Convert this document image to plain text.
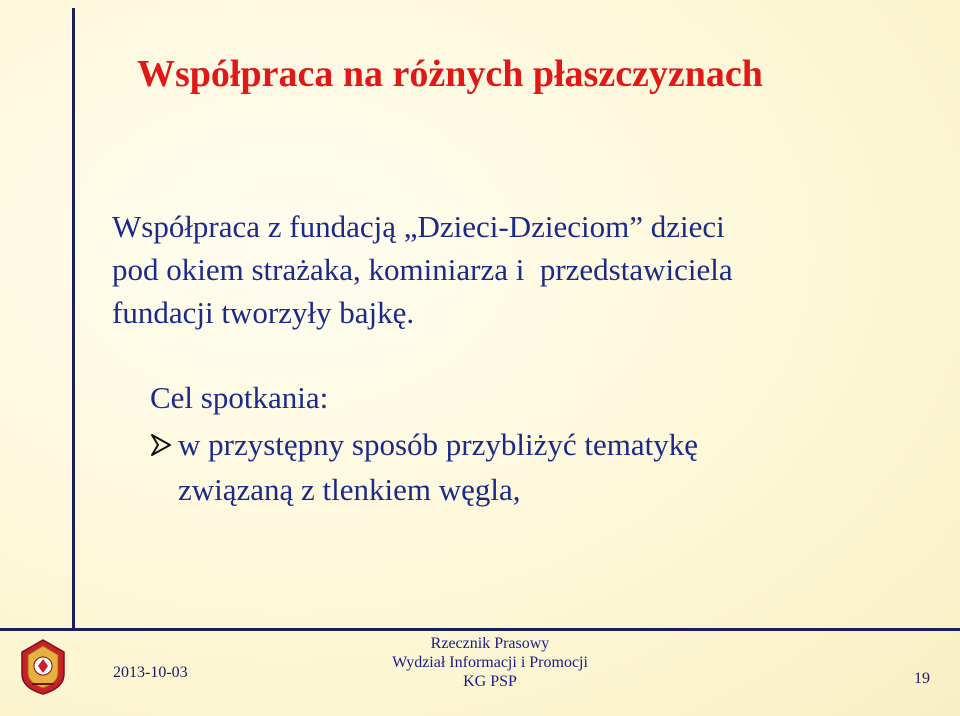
Współpraca na różnych płaszczyznach
Współpraca z fundacją „Dzieci-Dzieciom” dzieci
pod okiem strażaka, kominiarza i  przedstawiciela
fundacji tworzyły bajkę.
Cel spotkania:
w przystępny sposób przybliżyć tematykę
związaną z tlenkiem węgla,
2013-10-03
Rzecznik Prasowy
Wydział Informacji i Promocji
KG PSP	19
